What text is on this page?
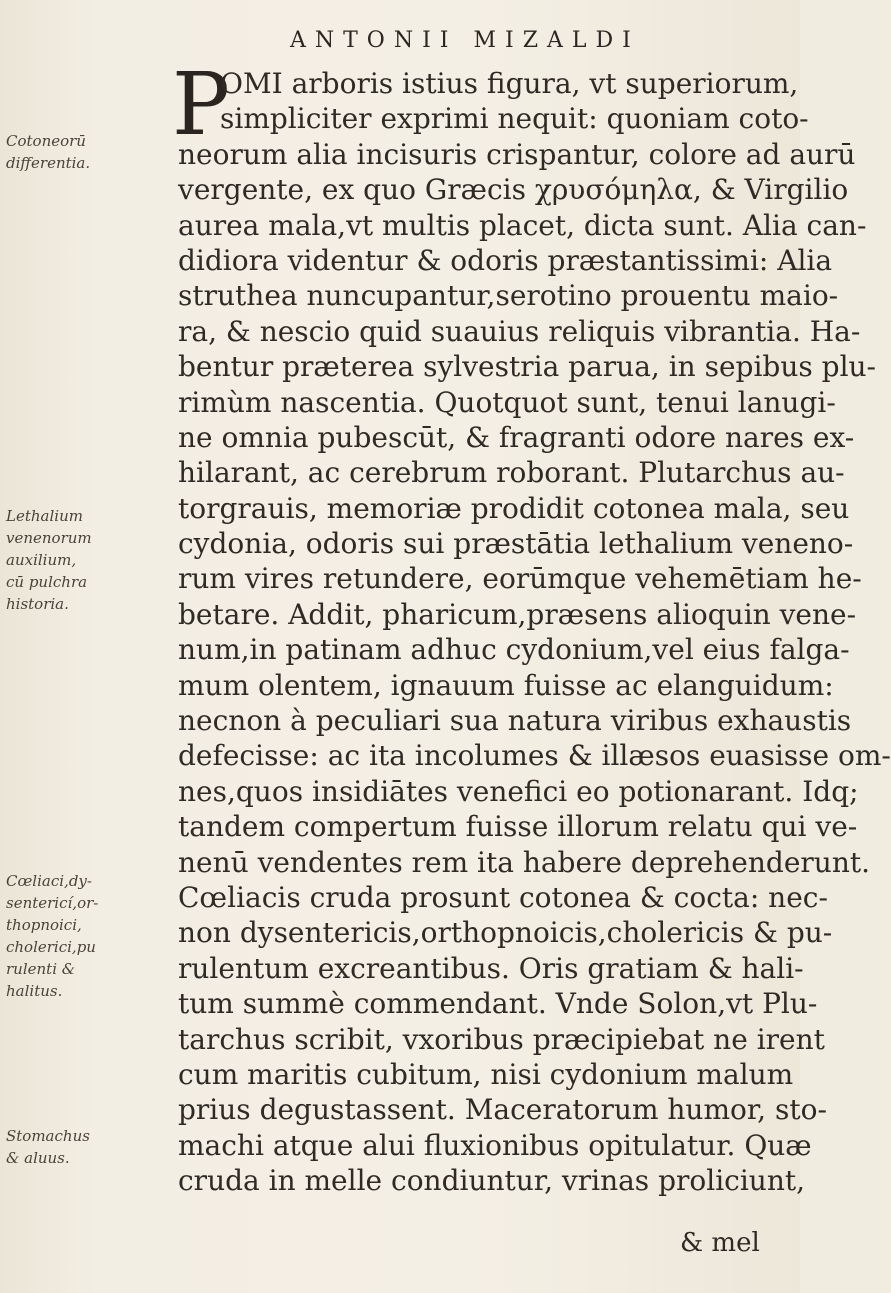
ANTONII MIZALDI
P
OMI arboris istius figura, vt superiorum,
simpliciter exprimi nequit: quoniam coto-
neorum alia incisuris crispantur, colore ad aurū
vergente, ex quo Græcis χρυσόμηλα, & Virgilio
aurea mala,vt multis placet, dicta sunt. Alia can-
didiora videntur & odoris præstantissimi: Alia
struthea nuncupantur,serotino prouentu maio-
ra, & nescio quid suauius reliquis vibrantia. Ha-
bentur præterea sylvestria parua, in sepibus plu-
rimùm nascentia. Quotquot sunt, tenui lanugi-
ne omnia pubescūt, & fragranti odore nares ex-
hilarant, ac cerebrum roborant. Plutarchus au-
torgrauis, memoriæ prodidit cotonea mala, seu
cydonia, odoris sui præstātia lethalium veneno-
rum vires retundere, eorūmque vehemētiam he-
betare. Addit, pharicum,præsens alioquin vene-
num,in patinam adhuc cydonium,vel eius falga-
mum olentem, ignauum fuisse ac elanguidum:
necnon à peculiari sua natura viribus exhaustis
defecisse: ac ita incolumes & illæsos euasisse om-
nes,quos insidiātes venefici eo potionarant. Idq;
tandem compertum fuisse illorum relatu qui ve-
nenū vendentes rem ita habere deprehenderunt.
Cœliacis cruda prosunt cotonea & cocta: nec-
non dysentericis,orthopnoicis,cholericis & pu-
rulentum excreantibus. Oris gratiam & hali-
tum summè commendant. Vnde Solon,vt Plu-
tarchus scribit, vxoribus præcipiebat ne irent
cum maritis cubitum, nisi cydonium malum
prius degustassent. Maceratorum humor, sto-
machi atque alui fluxionibus opitulatur. Quæ
cruda in melle condiuntur, vrinas proliciunt,
Cotoneorū
differentia.
Lethalium
venenorum
auxilium,
cū pulchra
historia.
Cœliaci,dy-
sentericí,or-
thopnoici,
cholerici,pu
rulenti &
halitus.
Stomachus
& aluus.
& mel
